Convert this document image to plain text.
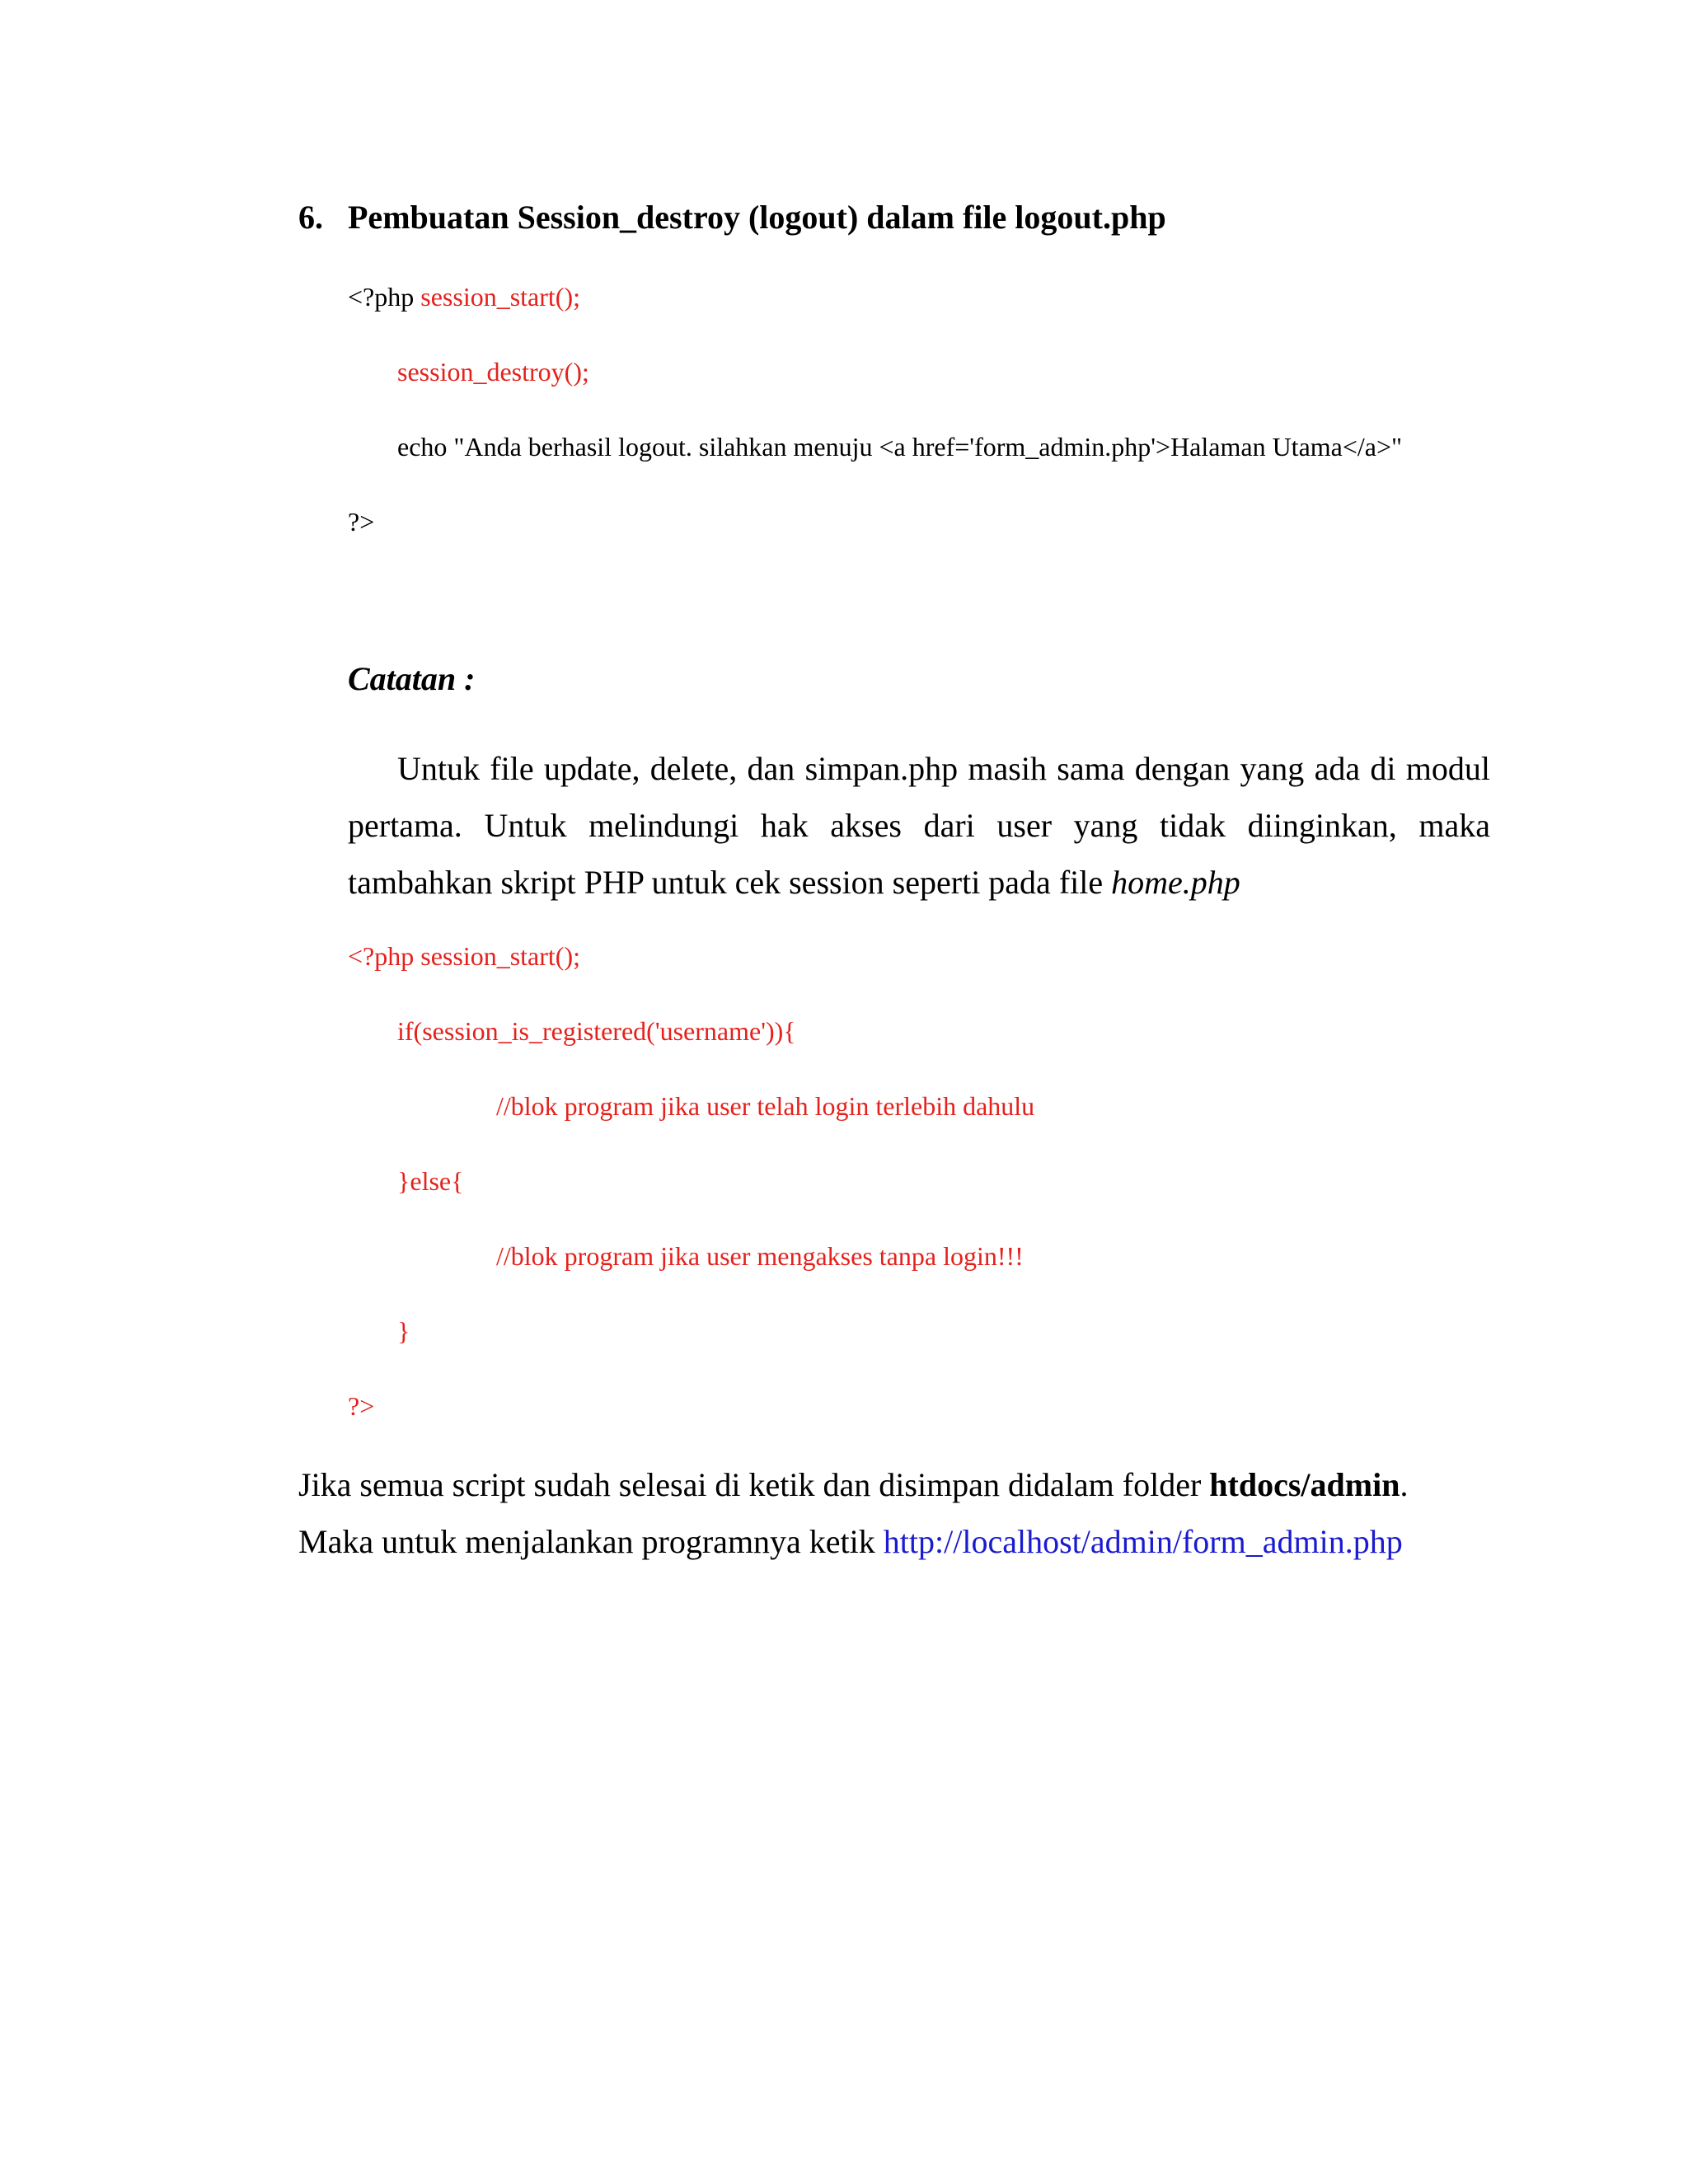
6. Pembuatan Session_destroy (logout) dalam file logout.php
<?php session_start();
session_destroy();
echo "Anda berhasil logout. silahkan menuju <a href='form_admin.php'>Halaman Utama</a>"
?>
Catatan :
Untuk file update, delete, dan simpan.php masih sama dengan yang ada di modul pertama. Untuk melindungi hak akses dari user yang tidak diinginkan, maka tambahkan skript PHP untuk cek session seperti pada file home.php
<?php session_start();
if(session_is_registered('username')){
//blok program jika user telah login terlebih dahulu
}else{
//blok program jika user mengakses tanpa login!!!
}
?>
Jika semua script sudah selesai di ketik dan disimpan didalam folder htdocs/admin.
Maka untuk menjalankan programnya ketik http://localhost/admin/form_admin.php
